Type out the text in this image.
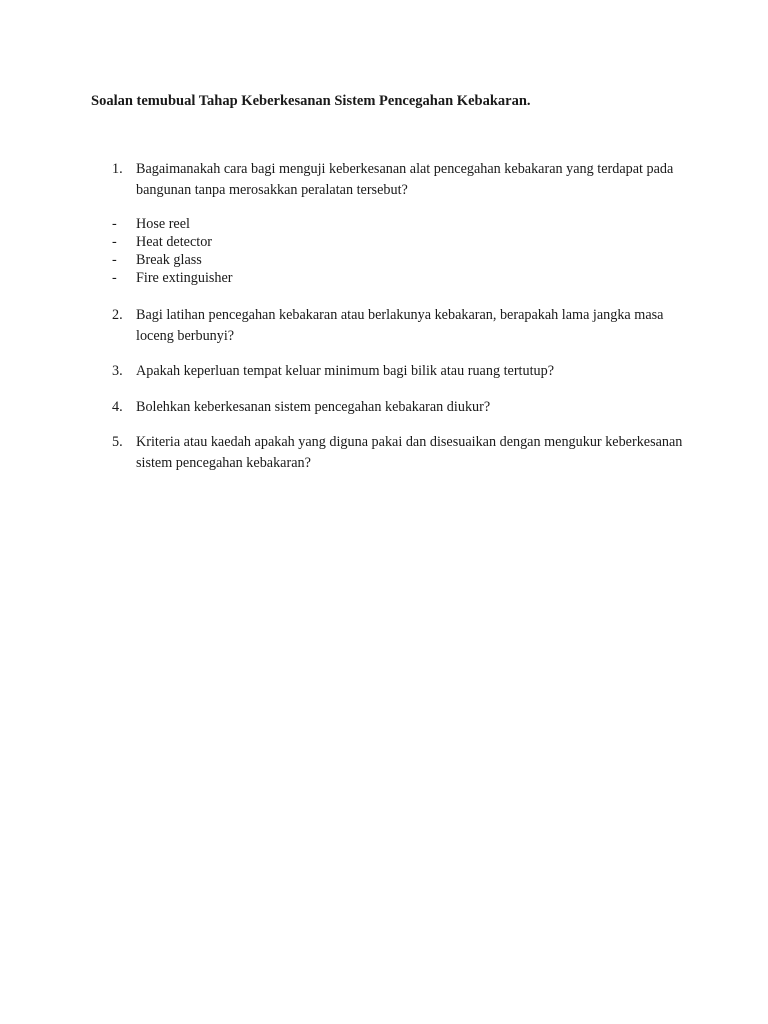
Soalan temubual Tahap Keberkesanan Sistem Pencegahan Kebakaran.
1. Bagaimanakah cara bagi menguji keberkesanan alat pencegahan kebakaran yang terdapat pada bangunan tanpa merosakkan peralatan tersebut?
- Hose reel
- Heat detector
- Break glass
- Fire extinguisher
2. Bagi latihan pencegahan kebakaran atau berlakunya kebakaran, berapakah lama jangka masa loceng berbunyi?
3. Apakah keperluan tempat keluar minimum bagi bilik atau ruang tertutup?
4. Bolehkan keberkesanan sistem pencegahan kebakaran diukur?
5. Kriteria atau kaedah apakah yang diguna pakai dan disesuaikan dengan mengukur keberkesanan sistem pencegahan kebakaran?
